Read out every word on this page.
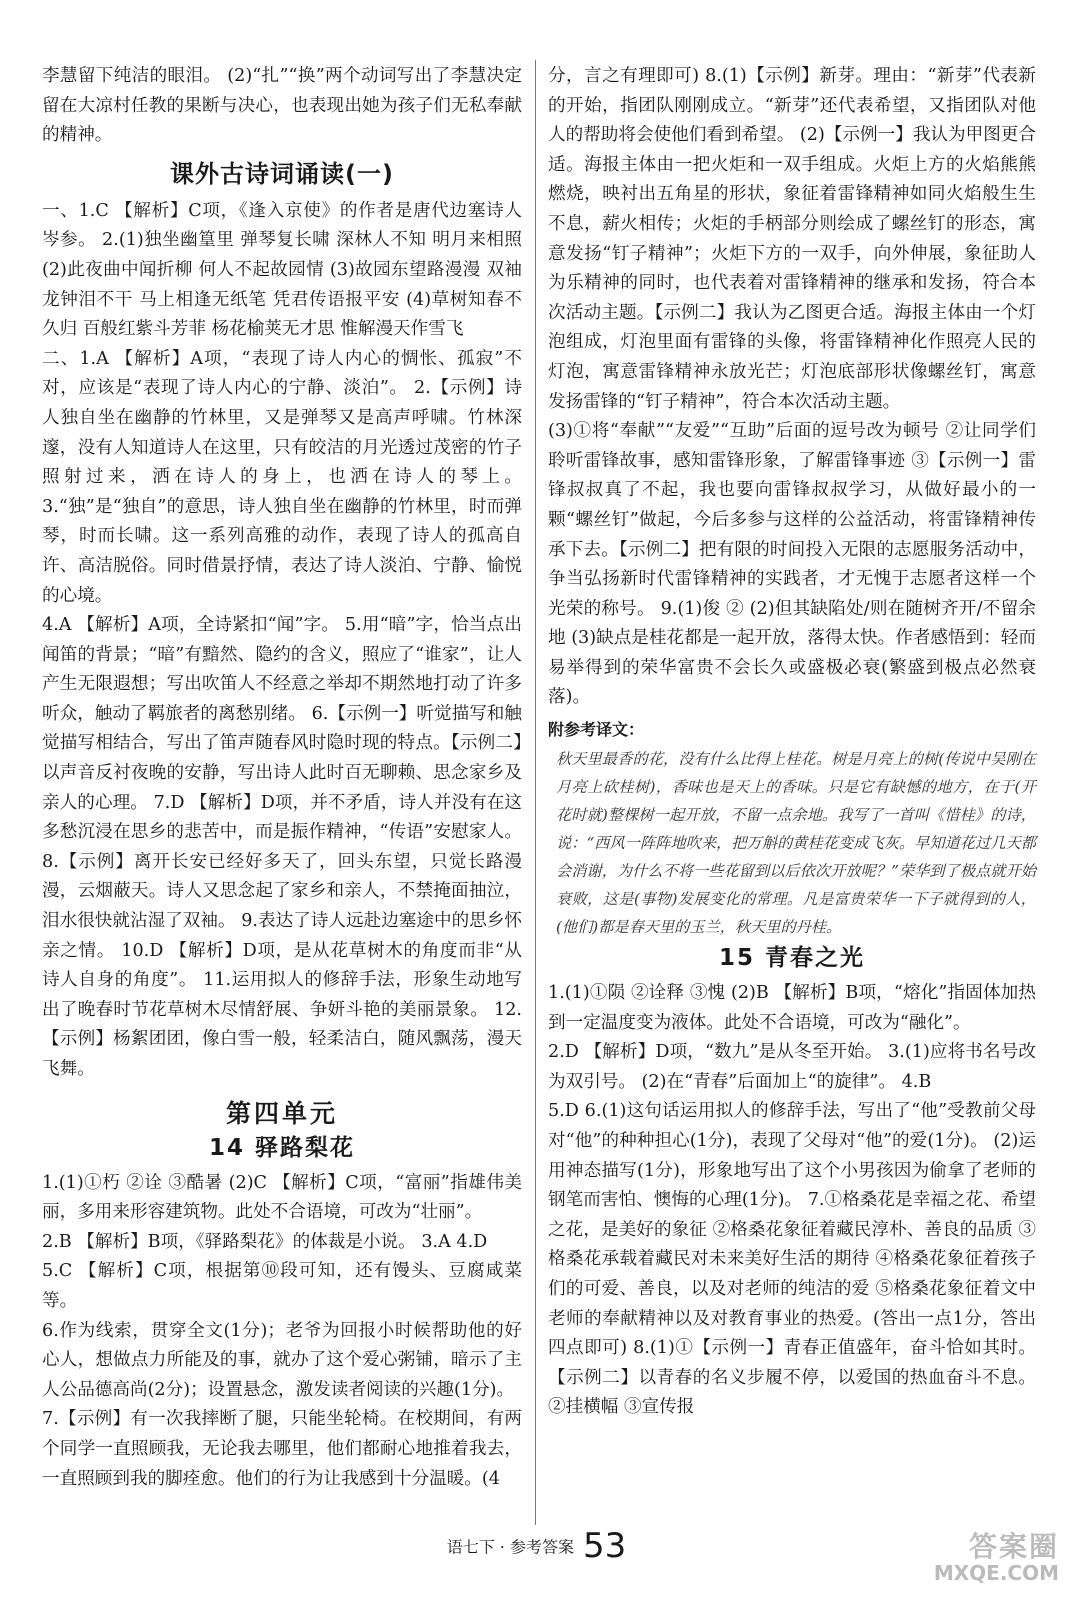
李慧留下纯洁的眼泪。 (2)“扎”“换”两个动词写出了李慧决定留在大凉村任教的果断与决心，也表现出她为孩子们无私奉献的精神。

课外古诗词诵读(一)

一、1.C 【解析】C项，《逢入京使》的作者是唐代边塞诗人岑参。 2.(1)独坐幽篁里 弹琴复长啸 深林人不知 明月来相照 (2)此夜曲中闻折柳 何人不起故园情 (3)故园东望路漫漫 双袖龙钟泪不干 马上相逢无纸笔 凭君传语报平安 (4)草树知春不久归 百般红紫斗芳菲 杨花榆荚无才思 惟解漫天作雪飞

二、1.A 【解析】A项，“表现了诗人内心的惆怅、孤寂”不对，应该是“表现了诗人内心的宁静、淡泊”。 2.【示例】诗人独自坐在幽静的竹林里，又是弹琴又是高声呼啸。竹林深邃，没有人知道诗人在这里，只有皎洁的月光透过茂密的竹子照射过来，洒在诗人的身上，也洒在诗人的琴上。 3.“独”是“独自”的意思，诗人独自坐在幽静的竹林里，时而弹琴，时而长啸。这一系列高雅的动作，表现了诗人的孤高自许、高洁脱俗。同时借景抒情，表达了诗人淡泊、宁静、愉悦的心境。

4.A 【解析】A项，全诗紧扣“闻”字。 5.用“暗”字，恰当点出闻笛的背景；“暗”有黯然、隐约的含义，照应了“谁家”，让人产生无限遐想；写出吹笛人不经意之举却不期然地打动了许多听众，触动了羁旅者的离愁别绪。 6.【示例一】听觉描写和触觉描写相结合，写出了笛声随春风时隐时现的特点。【示例二】以声音反衬夜晚的安静，写出诗人此时百无聊赖、思念家乡及亲人的心理。 7.D 【解析】D项，并不矛盾，诗人并没有在这多愁沉浸在思乡的悲苦中，而是振作精神，“传语”安慰家人。 8.【示例】离开长安已经好多天了，回头东望，只觉长路漫漫，云烟蔽天。诗人又思念起了家乡和亲人，不禁掩面抽泣，泪水很快就沾湿了双袖。 9.表达了诗人远赴边塞途中的思乡怀亲之情。 10.D 【解析】D项，是从花草树木的角度而非“从诗人自身的角度”。 11.运用拟人的修辞手法，形象生动地写出了晚春时节花草树木尽情舒展、争妍斗艳的美丽景象。 12.【示例】杨絮团团，像白雪一般，轻柔洁白，随风飘荡，漫天飞舞。

第四单元
14 驿路梨花

1.(1)①朽 ②诠 ③酷暑 (2)C 【解析】C项，“富丽”指雄伟美丽，多用来形容建筑物。此处不合语境，可改为“壮丽”。

2.B 【解析】B项，《驿路梨花》的体裁是小说。 3.A 4.D

5.C 【解析】C项，根据第⑩段可知，还有馒头、豆腐咸菜等。

6.作为线索，贯穿全文(1分)；老爷为回报小时候帮助他的好心人，想做点力所能及的事，就办了这个爱心粥铺，暗示了主人公品德高尚(2分)；设置悬念，激发读者阅读的兴趣(1分)。

7.【示例】有一次我摔断了腿，只能坐轮椅。在校期间，有两个同学一直照顾我，无论我去哪里，他们都耐心地推着我去，一直照顾到我的脚痊愈。他们的行为让我感到十分温暖。(4

分，言之有理即可) 8.(1)【示例】新芽。理由：“新芽”代表新的开始，指团队刚刚成立。“新芽”还代表希望，又指团队对他人的帮助将会使他们看到希望。 (2)【示例一】我认为甲图更合适。海报主体由一把火炬和一双手组成。火炬上方的火焰熊熊燃烧，映衬出五角星的形状，象征着雷锋精神如同火焰般生生不息，薪火相传；火炬的手柄部分则绘成了螺丝钉的形态，寓意发扬“钉子精神”；火炬下方的一双手，向外伸展，象征助人为乐精神的同时，也代表着对雷锋精神的继承和发扬，符合本次活动主题。【示例二】我认为乙图更合适。海报主体由一个灯泡组成，灯泡里面有雷锋的头像，将雷锋精神化作照亮人民的灯泡，寓意雷锋精神永放光芒；灯泡底部形状像螺丝钉，寓意发扬雷锋的“钉子精神”，符合本次活动主题。

(3)①将“奉献”“友爱”“互助”后面的逗号改为顿号 ②让同学们聆听雷锋故事，感知雷锋形象，了解雷锋事迹 ③【示例一】雷锋叔叔真了不起，我也要向雷锋叔叔学习，从做好最小的一颗“螺丝钉”做起，今后多参与这样的公益活动，将雷锋精神传承下去。【示例二】把有限的时间投入无限的志愿服务活动中，争当弘扬新时代雷锋精神的实践者，才无愧于志愿者这样一个光荣的称号。 9.(1)俊 ② (2)但其缺陷处/则在随树齐开/不留余地 (3)缺点是桂花都是一起开放，落得太快。作者感悟到：轻而易举得到的荣华富贵不会长久或盛极必衰(繁盛到极点必然衰落)。

附参考译文：

秋天里最香的花，没有什么比得上桂花。树是月亮上的树(传说中吴刚在月亮上砍桂树)，香味也是天上的香味。只是它有缺憾的地方，在于(开花时就)整棵树一起开放，不留一点余地。我写了一首叫《惜桂》的诗，说：“西风一阵阵地吹来，把万斛的黄桂花变成飞灰。早知道花过几天都会消谢，为什么不将一些花留到以后依次开放呢？”荣华到了极点就开始衰败，这是(事物)发展变化的常理。凡是富贵荣华一下子就得到的人，(他们)都是春天里的玉兰，秋天里的丹桂。

15 青春之光

1.(1)①陨 ②诠释 ③愧 (2)B 【解析】B项，“熔化”指固体加热到一定温度变为液体。此处不合语境，可改为“融化”。

2.D 【解析】D项，“数九”是从冬至开始。 3.(1)应将书名号改为双引号。 (2)在“青春”后面加上“的旋律”。 4.B

5.D 6.(1)这句话运用拟人的修辞手法，写出了“他”受教前父母对“他”的种种担心(1分)，表现了父母对“他”的爱(1分)。 (2)运用神态描写(1分)，形象地写出了这个小男孩因为偷拿了老师的钢笔而害怕、懊悔的心理(1分)。 7.①格桑花是幸福之花、希望之花，是美好的象征 ②格桑花象征着藏民淳朴、善良的品质 ③格桑花承载着藏民对未来美好生活的期待 ④格桑花象征着孩子们的可爱、善良，以及对老师的纯洁的爱 ⑤格桑花象征着文中老师的奉献精神以及对教育事业的热爱。(答出一点1分，答出四点即可) 8.(1)①【示例一】青春正值盛年，奋斗恰如其时。【示例二】以青春的名义步履不停，以爱国的热血奋斗不息。 ②挂横幅 ③宣传报

语七下 · 参考答案 53	答案圈
MXQE.COM
